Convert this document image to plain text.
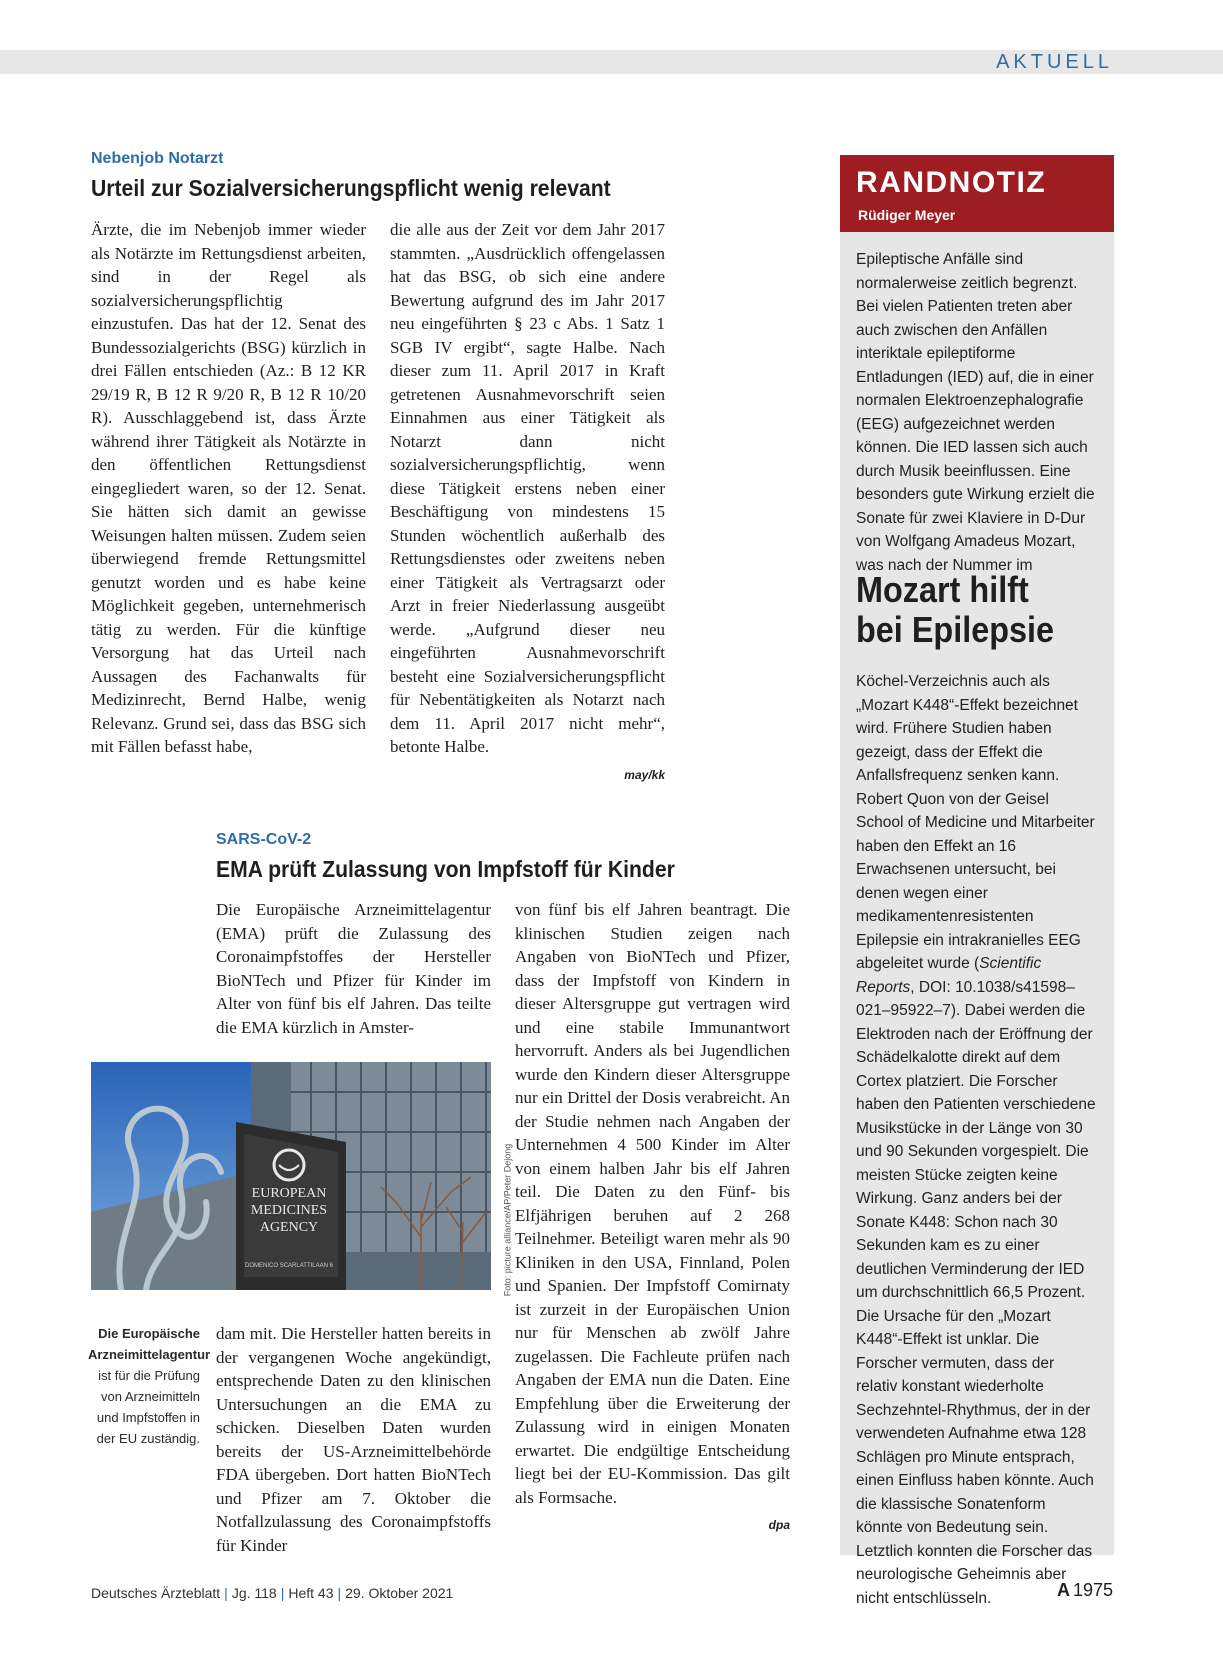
AKTUELL
Nebenjob Notarzt
Urteil zur Sozialversicherungspflicht wenig relevant

Ärzte, die im Nebenjob immer wieder als Notärzte im Rettungsdienst arbeiten, sind in der Regel als sozialversicherungspflichtig einzustufen. Das hat der 12. Senat des Bundessozialgerichts (BSG) kürzlich in drei Fällen entschieden (Az.: B 12 KR 29/19 R, B 12 R 9/20 R, B 12 R 10/20 R). Ausschlaggebend ist, dass Ärzte während ihrer Tätigkeit als Notärzte in den öffentlichen Rettungsdienst eingegliedert waren, so der 12. Senat. Sie hätten sich damit an gewisse Weisungen halten müssen. Zudem seien überwiegend fremde Rettungsmittel genutzt worden und es habe keine Möglichkeit gegeben, unternehmerisch tätig zu werden. Für die künftige Versorgung hat das Urteil nach Aussagen des Fachanwalts für Medizinrecht, Bernd Halbe, wenig Relevanz. Grund sei, dass das BSG sich mit Fällen befasst habe,

die alle aus der Zeit vor dem Jahr 2017 stammten. „Ausdrücklich offengelassen hat das BSG, ob sich eine andere Bewertung aufgrund des im Jahr 2017 neu eingeführten § 23 c Abs. 1 Satz 1 SGB IV ergibt“, sagte Halbe. Nach dieser zum 11. April 2017 in Kraft getretenen Ausnahmevorschrift seien Einnahmen aus einer Tätigkeit als Notarzt dann nicht sozialversicherungspflichtig, wenn diese Tätigkeit erstens neben einer Beschäftigung von mindestens 15 Stunden wöchentlich außerhalb des Rettungsdienstes oder zweitens neben einer Tätigkeit als Vertragsarzt oder Arzt in freier Niederlassung ausgeübt werde. „Aufgrund dieser neu eingeführten Ausnahmevorschrift besteht eine Sozialversicherungspflicht für Nebentätigkeiten als Notarzt nach dem 11. April 2017 nicht mehr“, betonte Halbe.

may/kk
SARS-CoV-2
EMA prüft Zulassung von Impfstoff für Kinder

Die Europäische Arzneimittelagentur (EMA) prüft die Zulassung des Coronaimpfstoffes der Hersteller BioNTech und Pfizer für Kinder im Alter von fünf bis elf Jahren. Das teilte die EMA kürzlich in Amster-

EUROPEAN
MEDICINES
AGENCY
DOMENICO SCARLATTILAAN 6	Foto: picture alliance/AP/Peter Dejong
Die Europäische Arzneimittelagentur ist für die Prüfung von Arzneimitteln und Impfstoffen in der EU zuständig.

dam mit. Die Hersteller hatten bereits in der vergangenen Woche angekündigt, entsprechende Daten zu den klinischen Untersuchungen an die EMA zu schicken. Dieselben Daten wurden bereits der US-Arzneimittelbehörde FDA übergeben. Dort hatten BioNTech und Pfizer am 7. Oktober die Notfallzulassung des Coronaimpfstoffs für Kinder

von fünf bis elf Jahren beantragt. Die klinischen Studien zeigen nach Angaben von BioNTech und Pfizer, dass der Impfstoff von Kindern in dieser Altersgruppe gut vertragen wird und eine stabile Immunantwort hervorruft. Anders als bei Jugendlichen wurde den Kindern dieser Altersgruppe nur ein Drittel der Dosis verabreicht. An der Studie nehmen nach Angaben der Unternehmen 4 500 Kinder im Alter von einem halben Jahr bis elf Jahren teil. Die Daten zu den Fünf- bis Elfjährigen beruhen auf 2 268 Teilnehmer. Beteiligt waren mehr als 90 Kliniken in den USA, Finnland, Polen und Spanien. Der Impfstoff Comirnaty ist zurzeit in der Europäischen Union nur für Menschen ab zwölf Jahre zugelassen. Die Fachleute prüfen nach Angaben der EMA nun die Daten. Eine Empfehlung über die Erweiterung der Zulassung wird in einigen Monaten erwartet. Die endgültige Entscheidung liegt bei der EU-Kommission. Das gilt als Formsache.

dpa
RANDNOTIZ
Rüdiger Meyer
Epileptische Anfälle sind normalerweise zeitlich begrenzt. Bei vielen Patienten treten aber auch zwischen den Anfällen interiktale epileptiforme Entladungen (IED) auf, die in einer normalen Elektroenzephalografie (EEG) aufgezeichnet werden können. Die IED lassen sich auch durch Musik beeinflussen. Eine besonders gute Wirkung erzielt die Sonate für zwei Klaviere in D-Dur von Wolfgang Amadeus Mozart, was nach der Nummer im
Mozart hilft
bei Epilepsie
Köchel-Verzeichnis auch als „Mozart K448“-Effekt bezeichnet wird. Frühere Studien haben gezeigt, dass der Effekt die Anfallsfrequenz senken kann. Robert Quon von der Geisel School of Medicine und Mitarbeiter haben den Effekt an 16 Erwachsenen untersucht, bei denen wegen einer medikamentenresistenten Epilepsie ein intrakranielles EEG abgeleitet wurde (Scientific Reports, DOI: 10.1038/s41598–021–95922–7). Dabei werden die Elektroden nach der Eröffnung der Schädelkalotte direkt auf dem Cortex platziert. Die Forscher haben den Patienten verschiedene Musikstücke in der Länge von 30 und 90 Sekunden vorgespielt. Die meisten Stücke zeigten keine Wirkung. Ganz anders bei der Sonate K448: Schon nach 30 Sekunden kam es zu einer deutlichen Verminderung der IED um durchschnittlich 66,5 Prozent. Die Ursache für den „Mozart K448“-Effekt ist unklar. Die Forscher vermuten, dass der relativ konstant wiederholte Sechzehntel-Rhythmus, der in der verwendeten Aufnahme etwa 128 Schlägen pro Minute entsprach, einen Einfluss haben könnte. Auch die klassische Sonatenform könnte von Bedeutung sein. Letztlich konnten die Forscher das neurologische Geheimnis aber nicht entschlüsseln.
Deutsches Ärzteblatt | Jg. 118 | Heft 43 | 29. Oktober 2021	A 1975
